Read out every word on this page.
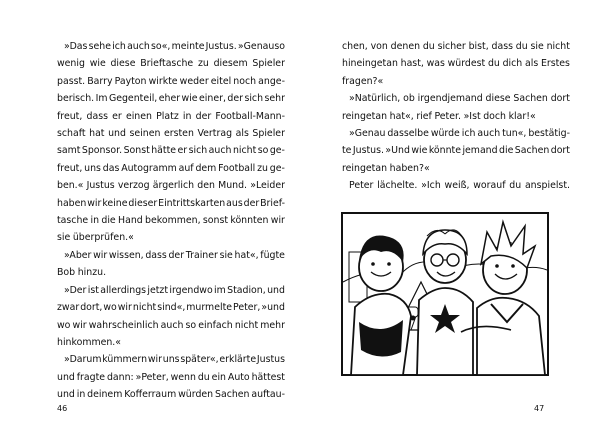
»Das sehe ich auch so«, meinte Justus. »Genauso
wenig wie diese Brieftasche zu diesem Spieler
passt. Barry Payton wirkte weder eitel noch ange-
berisch. Im Gegenteil, eher wie einer, der sich sehr
freut, dass er einen Platz in der Football-Mann-
schaft hat und seinen ersten Vertrag als Spieler
samt Sponsor. Sonst hätte er sich auch nicht so ge-
freut, uns das Autogramm auf dem Football zu ge-
ben.« Justus verzog ärgerlich den Mund. »Leider
haben wir keine dieser Eintrittskarten aus der Brief-
tasche in die Hand bekommen, sonst könnten wir
sie überprüfen.«
»Aber wir wissen, dass der Trainer sie hat«, fügte
Bob hinzu.
»Der ist allerdings jetzt irgendwo im Stadion, und
zwar dort, wo wir nicht sind«, murmelte Peter, »und
wo wir wahrscheinlich auch so einfach nicht mehr
hinkommen.«
»Darum kümmern wir uns später«, erklärte Justus
und fragte dann: »Peter, wenn du ein Auto hättest
und in deinem Kofferraum würden Sachen auftau-
46
chen, von denen du sicher bist, dass du sie nicht
hineingetan hast, was würdest du dich als Erstes
fragen?«
»Natürlich, ob irgendjemand diese Sachen dort
reingetan hat«, rief Peter. »Ist doch klar!«
»Genau dasselbe würde ich auch tun«, bestätig-
te Justus. »Und wie könnte jemand die Sachen dort
reingetan haben?«
Peter lächelte. »Ich weiß, worauf du anspielst.
47
